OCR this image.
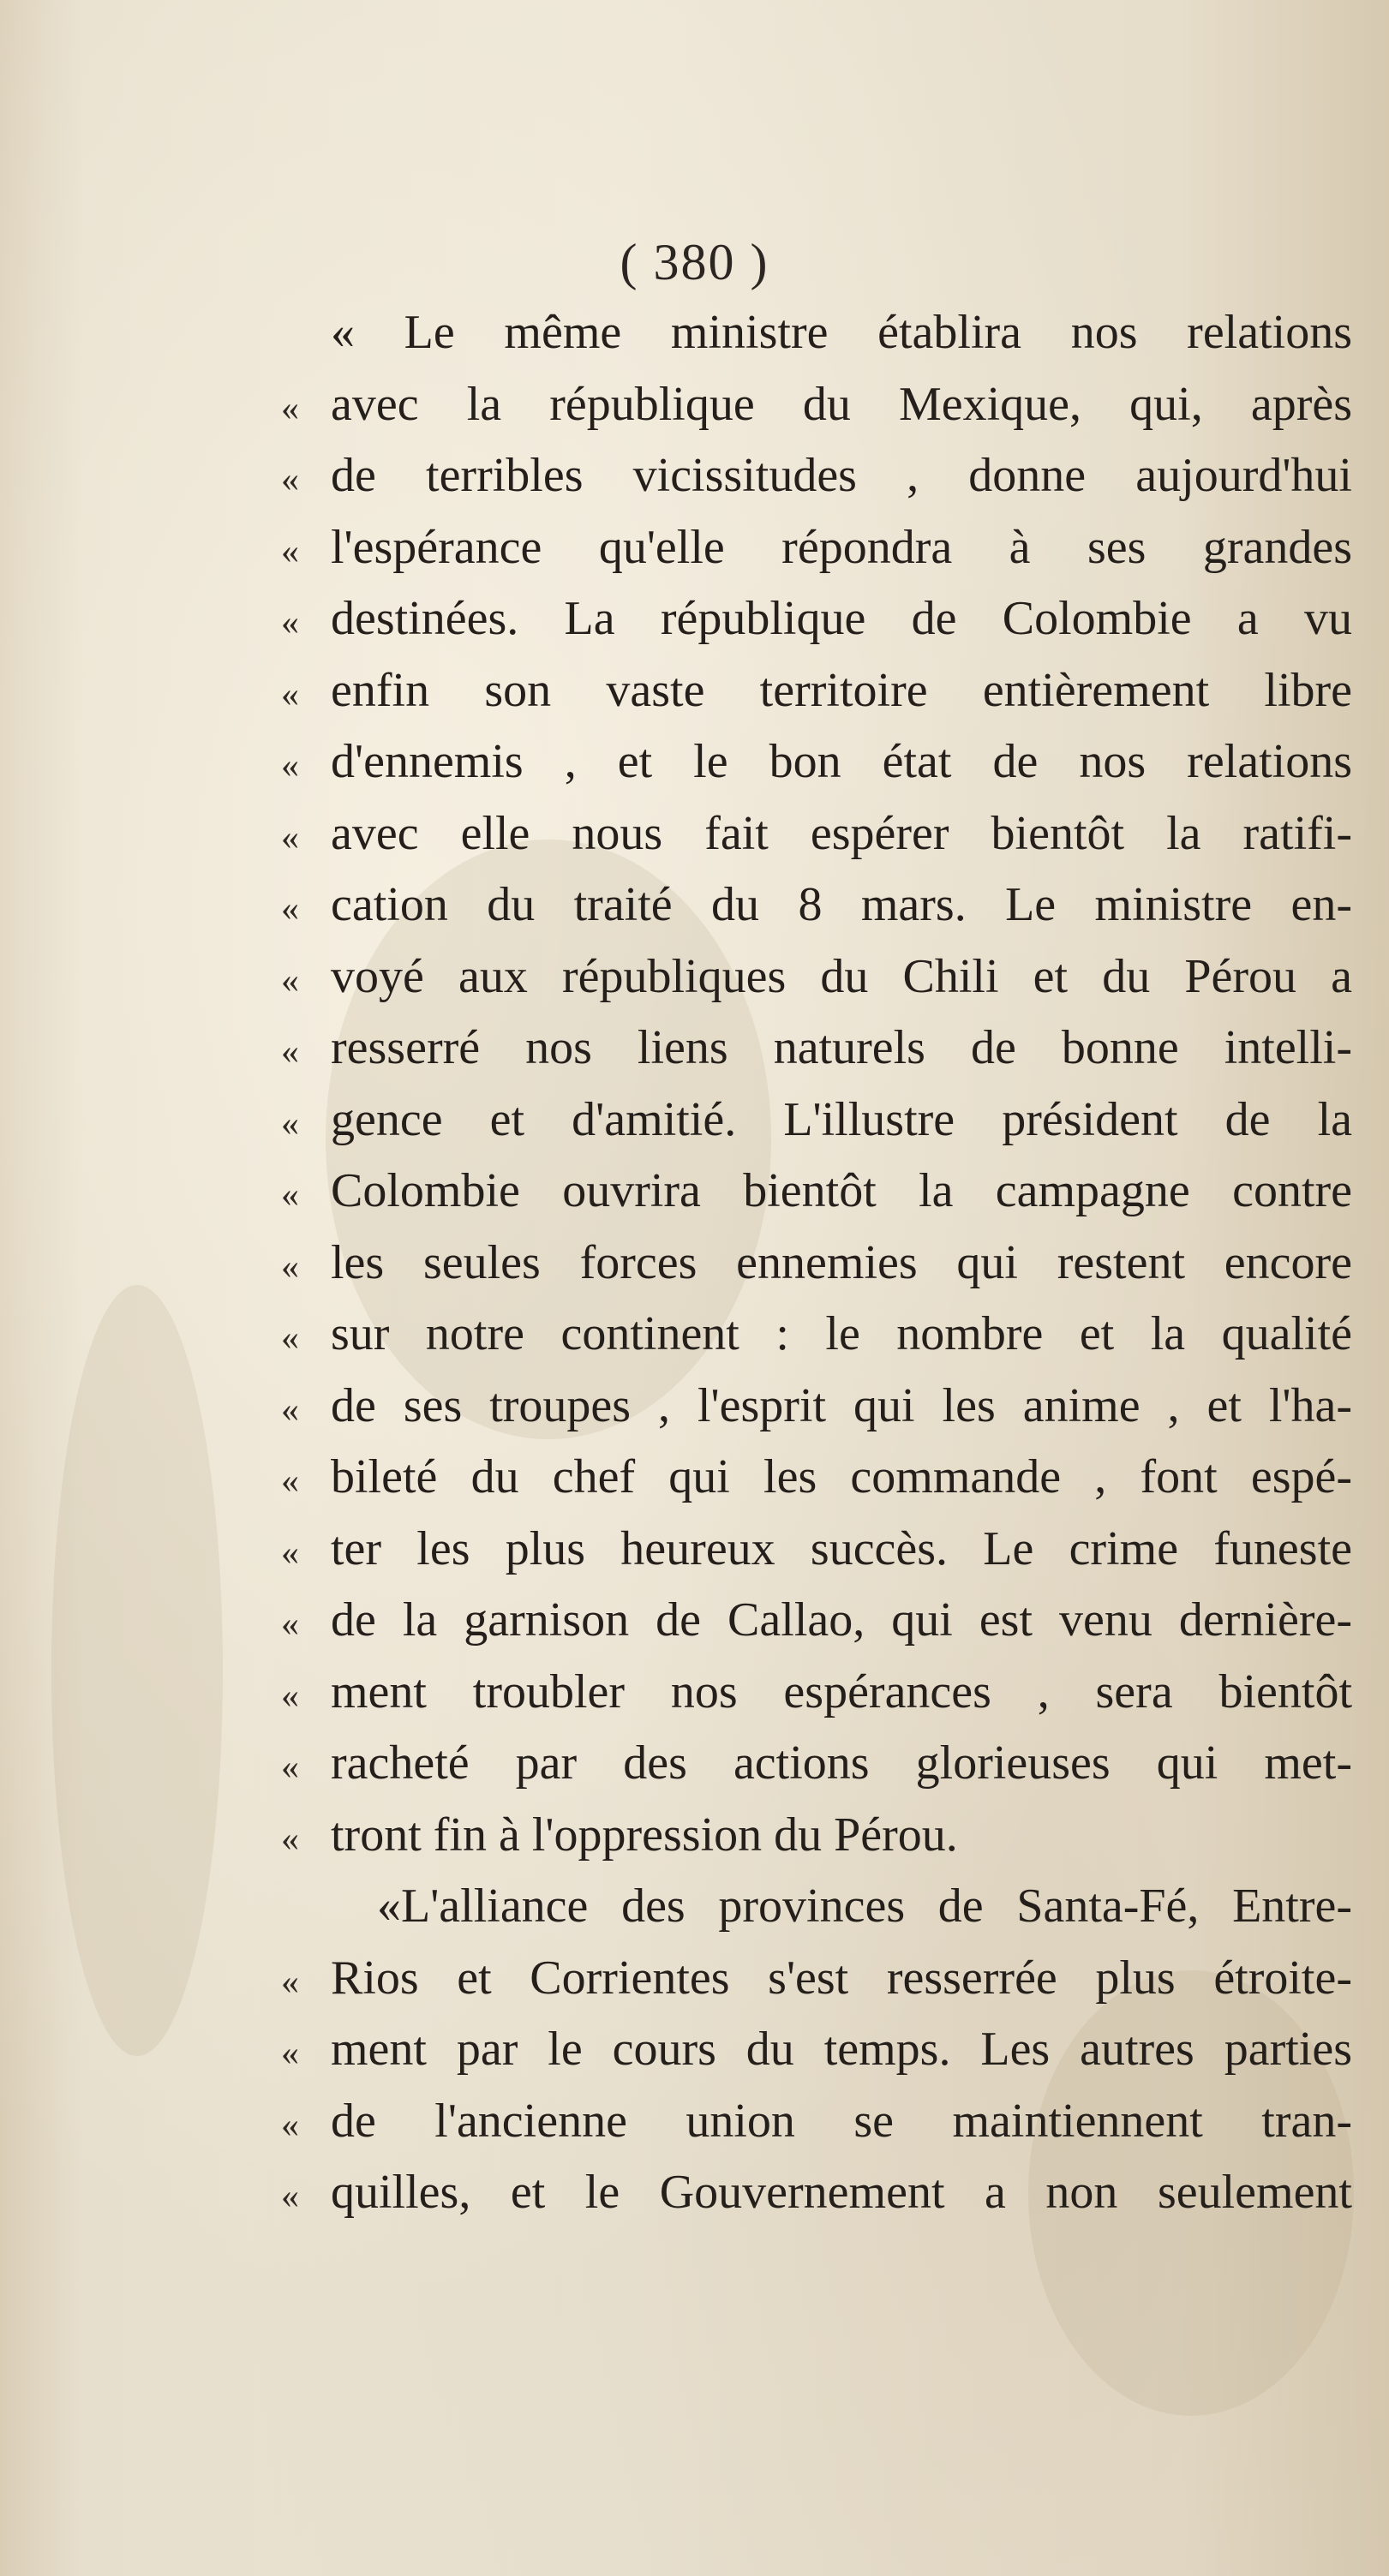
( 380 )
« Le même ministre établira nos relations
« avec la république du Mexique, qui, après
« de terribles vicissitudes , donne aujourd'hui
« l'espérance qu'elle répondra à ses grandes
« destinées. La république de Colombie a vu
« enfin son vaste territoire entièrement libre
« d'ennemis , et le bon état de nos relations
« avec elle nous fait espérer bientôt la ratifi-
« cation du traité du 8 mars. Le ministre en-
« voyé aux républiques du Chili et du Pérou a
« resserré nos liens naturels de bonne intelli-
« gence et d'amitié. L'illustre président de la
« Colombie ouvrira bientôt la campagne contre
« les seules forces ennemies qui restent encore
« sur notre continent : le nombre et la qualité
« de ses troupes , l'esprit qui les anime , et l'ha-
« bileté du chef qui les commande , font espé-
« ter les plus heureux succès. Le crime funeste
« de la garnison de Callao, qui est venu dernière-
« ment troubler nos espérances , sera bientôt
« racheté par des actions glorieuses qui met-
« tront fin à l'oppression du Pérou.
«L'alliance des provinces de Santa-Fé, Entre-
« Rios et Corrientes s'est resserrée plus étroite-
« ment par le cours du temps. Les autres parties
« de l'ancienne union se maintiennent tran-
« quilles, et le Gouvernement a non seulement
